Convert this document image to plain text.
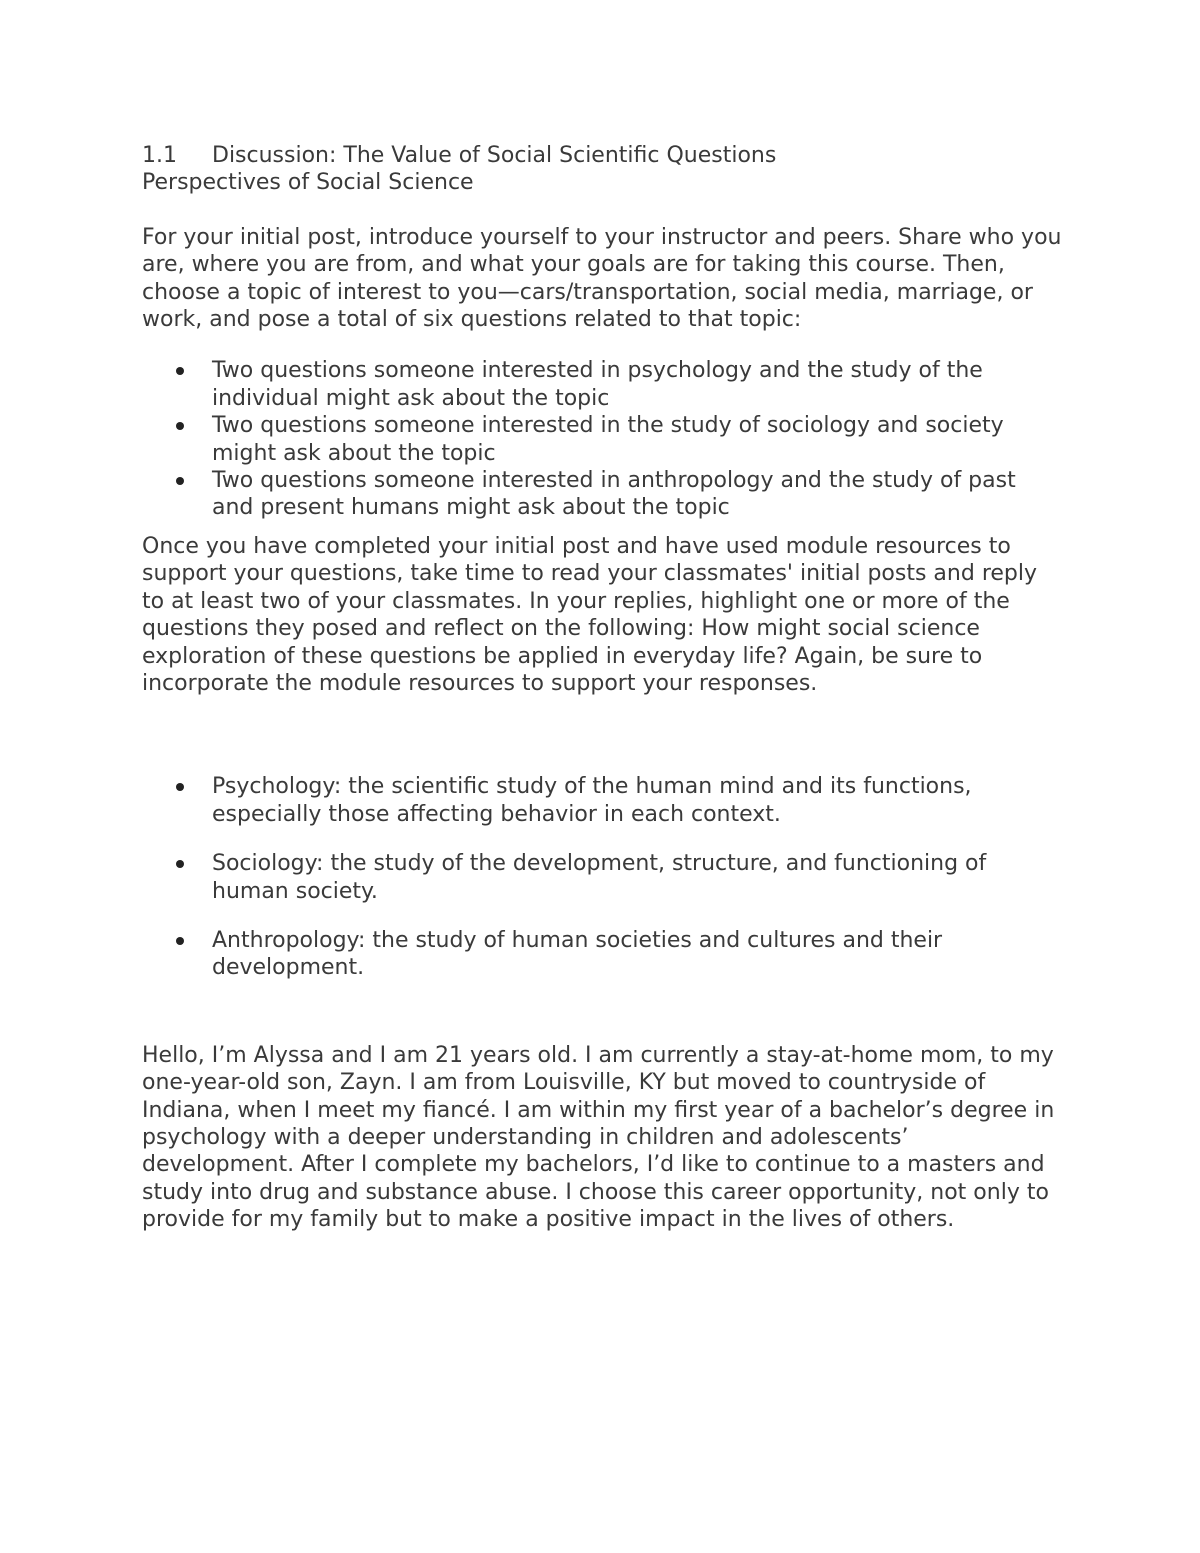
1.1	Discussion: The Value of Social Scientific Questions
Perspectives of Social Science

For your initial post, introduce yourself to your instructor and peers. Share who you are, where you are from, and what your goals are for taking this course. Then, choose a topic of interest to you—cars/transportation, social media, marriage, or work, and pose a total of six questions related to that topic:

Two questions someone interested in psychology and the study of the individual might ask about the topic
Two questions someone interested in the study of sociology and society might ask about the topic
Two questions someone interested in anthropology and the study of past and present humans might ask about the topic

Once you have completed your initial post and have used module resources to support your questions, take time to read your classmates' initial posts and reply to at least two of your classmates. In your replies, highlight one or more of the questions they posed and reflect on the following: How might social science exploration of these questions be applied in everyday life? Again, be sure to incorporate the module resources to support your responses.

Psychology: the scientific study of the human mind and its functions, especially those affecting behavior in each context.
Sociology: the study of the development, structure, and functioning of human society.
Anthropology: the study of human societies and cultures and their development.

Hello, I’m Alyssa and I am 21 years old. I am currently a stay-at-home mom, to my one-year-old son, Zayn. I am from Louisville, KY but moved to countryside of Indiana, when I meet my fiancé. I am within my first year of a bachelor’s degree in psychology with a deeper understanding in children and adolescents’ development. After I complete my bachelors, I’d like to continue to a masters and study into drug and substance abuse. I choose this career opportunity, not only to provide for my family but to make a positive impact in the lives of others.
